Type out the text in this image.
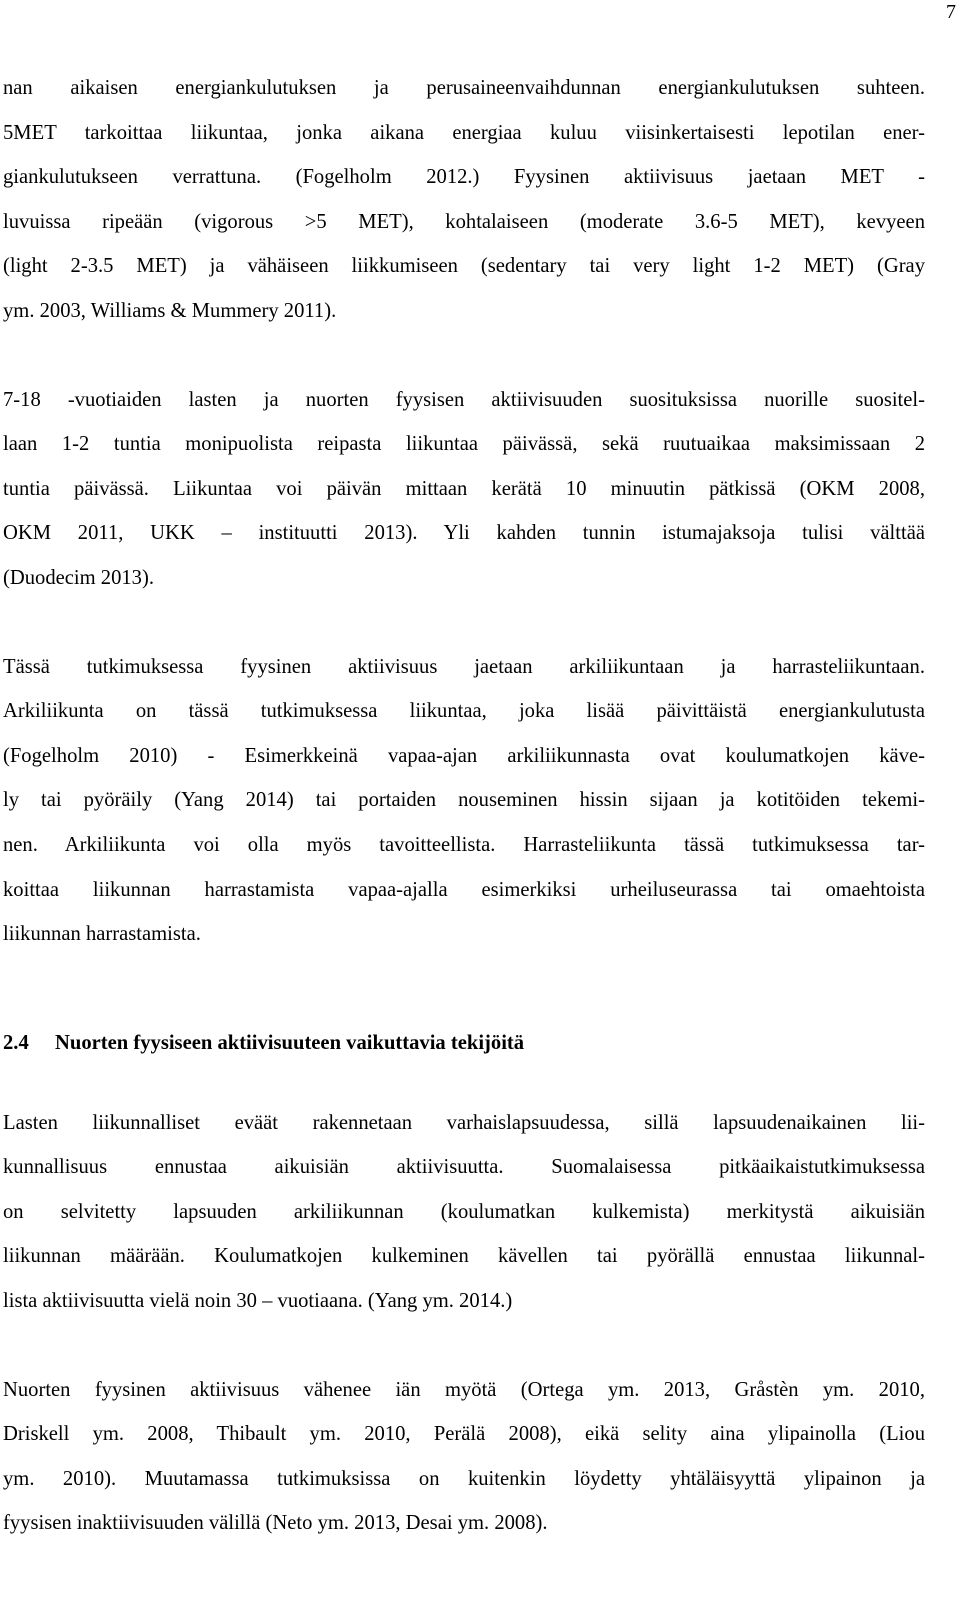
7

nan aikaisen energiankulutuksen ja perusaineenvaihdunnan energiankulutuksen suhteen.
5MET tarkoittaa liikuntaa, jonka aikana energiaa kuluu viisinkertaisesti lepotilan ener-
giankulutukseen verrattuna. (Fogelholm 2012.) Fyysinen aktiivisuus jaetaan MET -
luvuissa ripeään (vigorous >5 MET), kohtalaiseen (moderate 3.6-5 MET), kevyeen
(light 2-3.5 MET) ja vähäiseen liikkumiseen (sedentary tai very light 1-2 MET) (Gray
ym. 2003, Williams & Mummery 2011).

7-18 -vuotiaiden lasten ja nuorten fyysisen aktiivisuuden suosituksissa nuorille suositel-
laan 1-2 tuntia monipuolista reipasta liikuntaa päivässä, sekä ruutuaikaa maksimissaan 2
tuntia päivässä. Liikuntaa voi päivän mittaan kerätä 10 minuutin pätkissä (OKM 2008,
OKM 2011, UKK – instituutti 2013). Yli kahden tunnin istumajaksoja tulisi välttää
(Duodecim 2013).

Tässä tutkimuksessa fyysinen aktiivisuus jaetaan arkiliikuntaan ja harrasteliikuntaan.
Arkiliikunta on tässä tutkimuksessa liikuntaa, joka lisää päivittäistä energiankulutusta
(Fogelholm 2010) - Esimerkkeinä vapaa-ajan arkiliikunnasta ovat koulumatkojen käve-
ly tai pyöräily (Yang 2014) tai portaiden nouseminen hissin sijaan ja kotitöiden tekemi-
nen. Arkiliikunta voi olla myös tavoitteellista. Harrasteliikunta tässä tutkimuksessa tar-
koittaa liikunnan harrastamista vapaa-ajalla esimerkiksi urheiluseurassa tai omaehtoista
liikunnan harrastamista.

2.4 Nuorten fyysiseen aktiivisuuteen vaikuttavia tekijöitä

Lasten liikunnalliset eväät rakennetaan varhaislapsuudessa, sillä lapsuudenaikainen lii-
kunnallisuus ennustaa aikuisiän aktiivisuutta. Suomalaisessa pitkäaikaistutkimuksessa
on selvitetty lapsuuden arkiliikunnan (koulumatkan kulkemista) merkitystä aikuisiän
liikunnan määrään. Koulumatkojen kulkeminen kävellen tai pyörällä ennustaa liikunnal-
lista aktiivisuutta vielä noin 30 – vuotiaana. (Yang ym. 2014.)

Nuorten fyysinen aktiivisuus vähenee iän myötä (Ortega ym. 2013, Gråstèn ym. 2010,
Driskell ym. 2008, Thibault ym. 2010, Perälä 2008), eikä selity aina ylipainolla (Liou
ym. 2010). Muutamassa tutkimuksissa on kuitenkin löydetty yhtäläisyyttä ylipainon ja
fyysisen inaktiivisuuden välillä (Neto ym. 2013, Desai ym. 2008).
